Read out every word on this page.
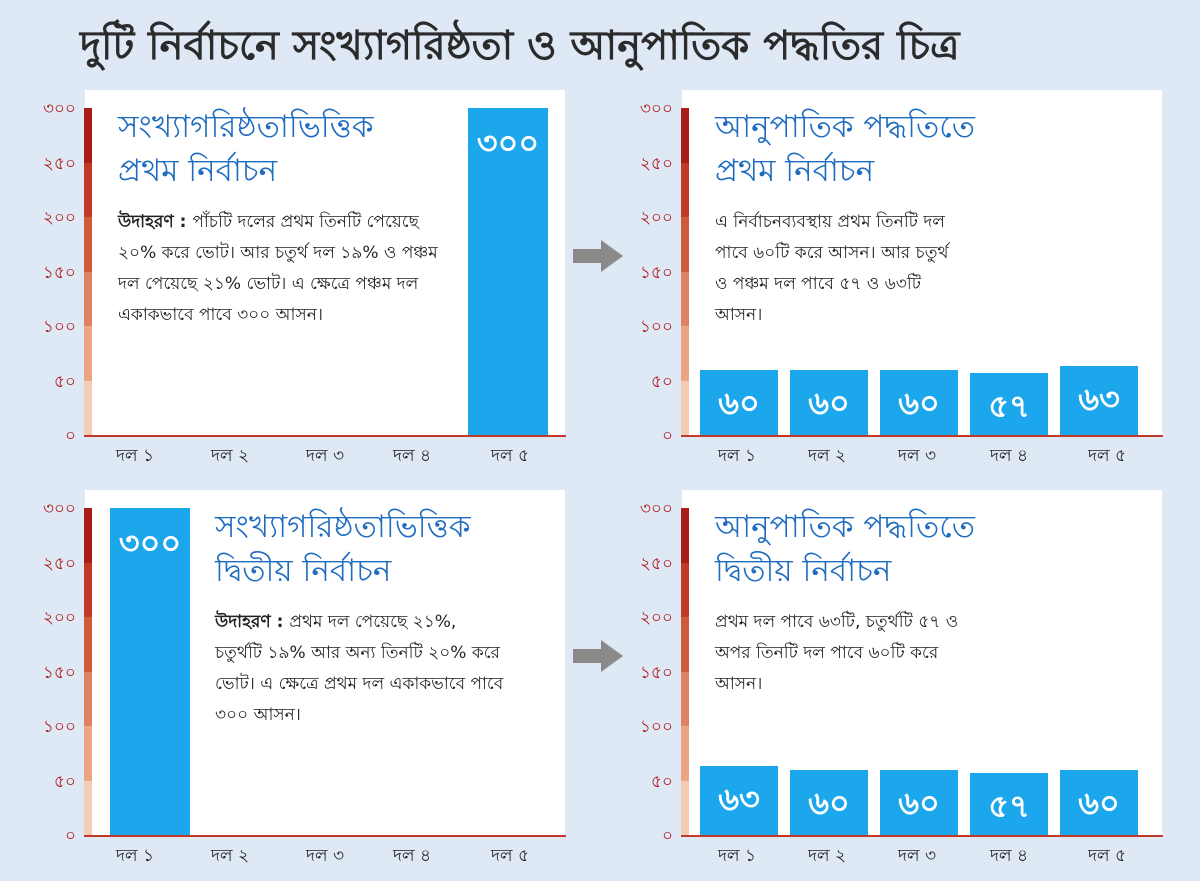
দুটি নির্বাচনে সংখ্যাগরিষ্ঠতা ও আনুপাতিক পদ্ধতির চিত্র
০
৫০
১০০
১৫০
২০০
২৫০
৩০০
৩০০
দল ১	দল ২	দল ৩	দল ৪	দল ৫
সংখ্যাগরিষ্ঠতাভিত্তিক
প্রথম নির্বাচন
উদাহরণ : পাঁচটি দলের প্রথম তিনটি পেয়েছে ২০% করে ভোট। আর চতুর্থ দল ১৯% ও পঞ্চম দল পেয়েছে ২১% ভোট। এ ক্ষেত্রে পঞ্চম দল একাকভাবে পাবে ৩০০ আসন।
০
৫০
১০০
১৫০
২০০
২৫০
৩০০
৬০	৬০	৬০	৫৭	৬৩
দল ১	দল ২	দল ৩	দল ৪	দল ৫
আনুপাতিক পদ্ধতিতে
প্রথম নির্বাচন
এ নির্বাচনব্যবস্থায় প্রথম তিনটি দল পাবে ৬০টি করে আসন। আর চতুর্থ ও পঞ্চম দল পাবে ৫৭ ও ৬৩টি আসন।
০
৫০
১০০
১৫০
২০০
২৫০
৩০০
৩০০
দল ১	দল ২	দল ৩	দল ৪	দল ৫
সংখ্যাগরিষ্ঠতাভিত্তিক
দ্বিতীয় নির্বাচন
উদাহরণ : প্রথম দল পেয়েছে ২১%, চতুর্থটি ১৯% আর অন্য তিনটি ২০% করে ভোট। এ ক্ষেত্রে প্রথম দল একাকভাবে পাবে ৩০০ আসন।
০
৫০
১০০
১৫০
২০০
২৫০
৩০০
৬৩	৬০	৬০	৫৭	৬০
দল ১	দল ২	দল ৩	দল ৪	দল ৫
আনুপাতিক পদ্ধতিতে
দ্বিতীয় নির্বাচন
প্রথম দল পাবে ৬৩টি, চতুর্থটি ৫৭ ও অপর তিনটি দল পাবে ৬০টি করে আসন।
